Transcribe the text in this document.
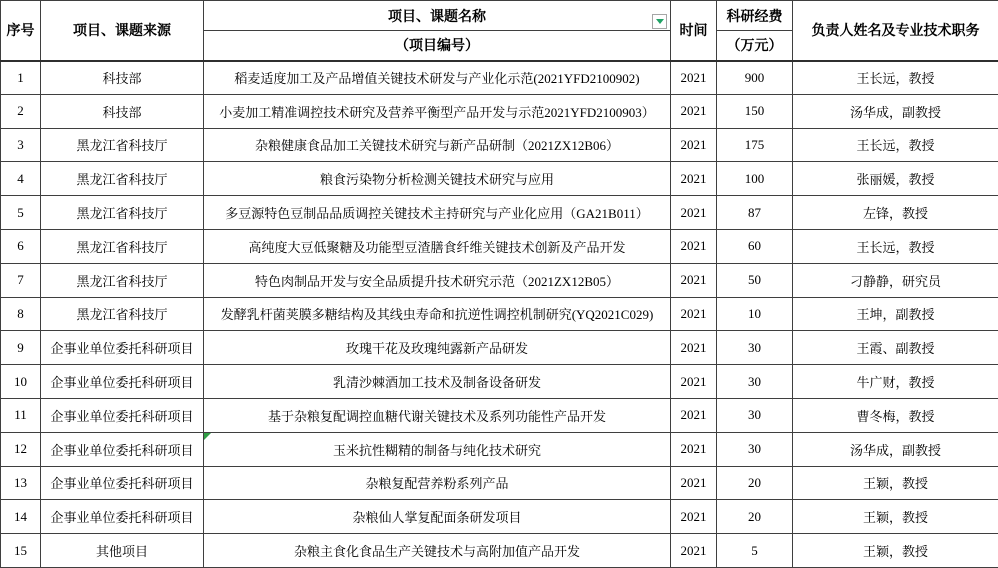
序号	项目、课题来源	项目、课题名称	时间	科研经费	负责人姓名及专业技术职务
		（项目编号）		（万元）	
1	科技部	稻麦适度加工及产品增值关键技术研发与产业化示范(2021YFD2100902)	2021	900	王长远，教授
2	科技部	小麦加工精准调控技术研究及营养平衡型产品开发与示范2021YFD2100903）	2021	150	汤华成，副教授
3	黑龙江省科技厅	杂粮健康食品加工关键技术研究与新产品研制（2021ZX12B06）	2021	175	王长远，教授
4	黑龙江省科技厅	粮食污染物分析检测关键技术研究与应用	2021	100	张丽媛，教授
5	黑龙江省科技厅	多豆源特色豆制品品质调控关键技术主持研究与产业化应用（GA21B011）	2021	87	左锋，教授
6	黑龙江省科技厅	高纯度大豆低聚糖及功能型豆渣膳食纤维关键技术创新及产品开发	2021	60	王长远，教授
7	黑龙江省科技厅	特色肉制品开发与安全品质提升技术研究示范（2021ZX12B05）	2021	50	刁静静，研究员
8	黑龙江省科技厅	发酵乳杆菌荚膜多糖结构及其线虫寿命和抗逆性调控机制研究(YQ2021C029)	2021	10	王坤，副教授
9	企事业单位委托科研项目	玫瑰干花及玫瑰纯露新产品研发	2021	30	王霞、副教授
10	企事业单位委托科研项目	乳清沙棘酒加工技术及制备设备研发	2021	30	牛广财，教授
11	企事业单位委托科研项目	基于杂粮复配调控血糖代谢关键技术及系列功能性产品开发	2021	30	曹冬梅，教授
12	企事业单位委托科研项目	玉米抗性糊精的制备与纯化技术研究	2021	30	汤华成，副教授
13	企事业单位委托科研项目	杂粮复配营养粉系列产品	2021	20	王颖，教授
14	企事业单位委托科研项目	杂粮仙人掌复配面条研发项目	2021	20	王颖，教授
15	其他项目	杂粮主食化食品生产关键技术与高附加值产品开发	2021	5	王颖，教授
